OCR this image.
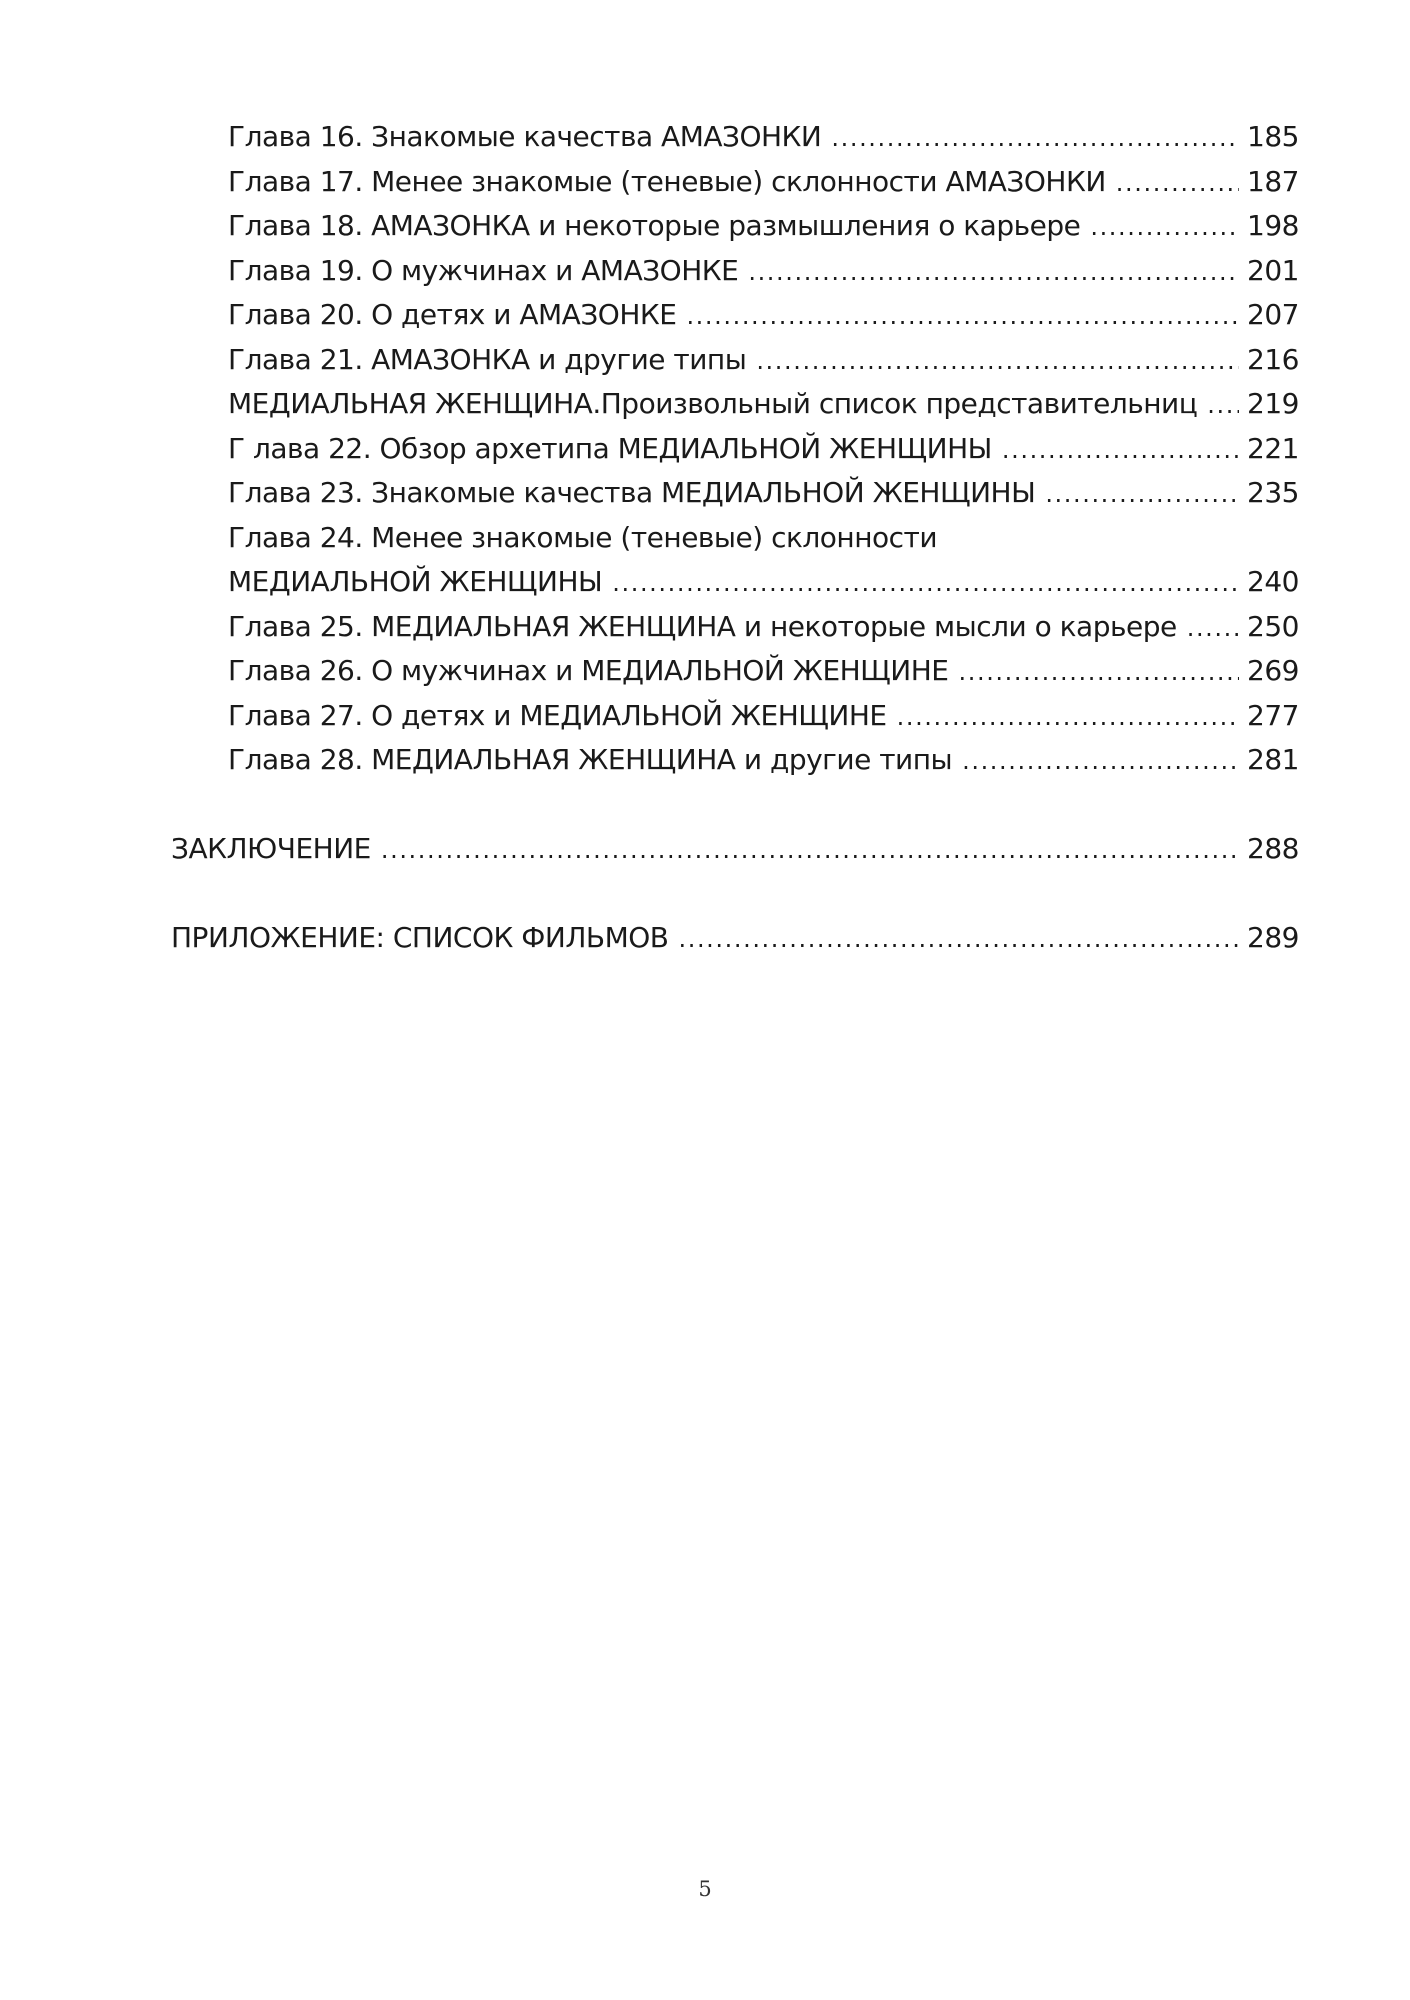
Глава 16. Знакомые качества АМАЗОНКИ .....	185
Глава 17. Менее знакомые (теневые) склонности АМАЗОНКИ .....	187
Глава 18. АМАЗОНКА и некоторые размышления о карьере .....	198
Глава 19. О мужчинах и АМАЗОНКЕ .....	201
Глава 20. О детях и АМАЗОНКЕ .....	207
Глава 21. АМАЗОНКА и другие типы .....	216
МЕДИАЛЬНАЯ ЖЕНЩИНА.Произвольный список представительниц ..... 219
Г лава 22. Обзор архетипа МЕДИАЛЬНОЙ ЖЕНЩИНЫ .....	221
Глава 23. Знакомые качества МЕДИАЛЬНОЙ ЖЕНЩИНЫ .....	235
Глава 24. Менее знакомые (теневые) склонности
МЕДИАЛЬНОЙ ЖЕНЩИНЫ .....	240
Глава 25. МЕДИАЛЬНАЯ ЖЕНЩИНА и некоторые мысли о карьере .....	250
Глава 26. О мужчинах и МЕДИАЛЬНОЙ ЖЕНЩИНЕ .....	269
Глава 27. О детях и МЕДИАЛЬНОЙ ЖЕНЩИНЕ .....	277
Глава 28. МЕДИАЛЬНАЯ ЖЕНЩИНА и другие типы .....	281
ЗАКЛЮЧЕНИЕ .....	288
ПРИЛОЖЕНИЕ: СПИСОК ФИЛЬМОВ .....	289
5
